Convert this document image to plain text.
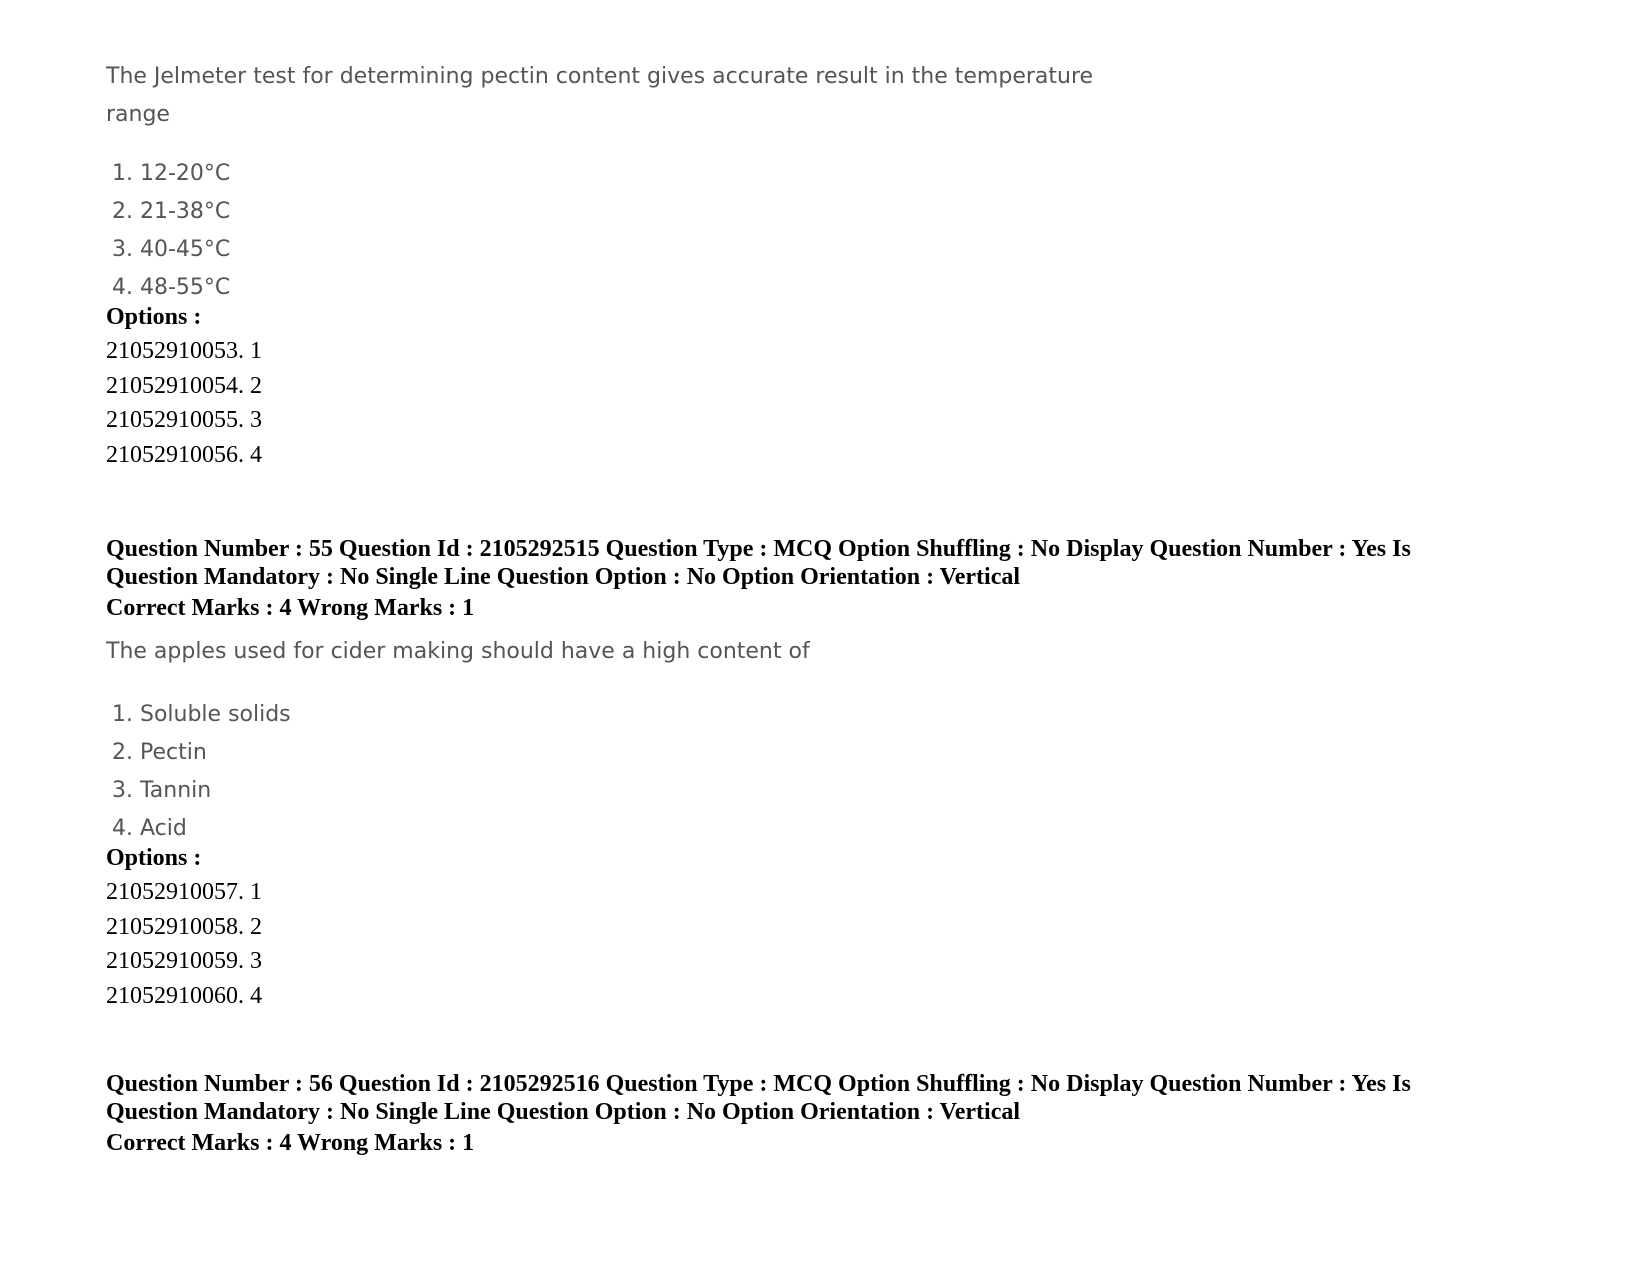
The Jelmeter test for determining pectin content gives accurate result in the temperature

range

1. 12-20°C
2. 21-38°C
3. 40-45°C
4. 48-55°C
Options :
21052910053. 1
21052910054. 2
21052910055. 3
21052910056. 4

Question Number : 55 Question Id : 2105292515 Question Type : MCQ Option Shuffling : No Display Question Number : Yes Is

Question Mandatory : No Single Line Question Option : No Option Orientation : Vertical

Correct Marks : 4 Wrong Marks : 1

The apples used for cider making should have a high content of

1. Soluble solids
2. Pectin
3. Tannin
4. Acid
Options :
21052910057. 1
21052910058. 2
21052910059. 3
21052910060. 4

Question Number : 56 Question Id : 2105292516 Question Type : MCQ Option Shuffling : No Display Question Number : Yes Is

Question Mandatory : No Single Line Question Option : No Option Orientation : Vertical

Correct Marks : 4 Wrong Marks : 1
